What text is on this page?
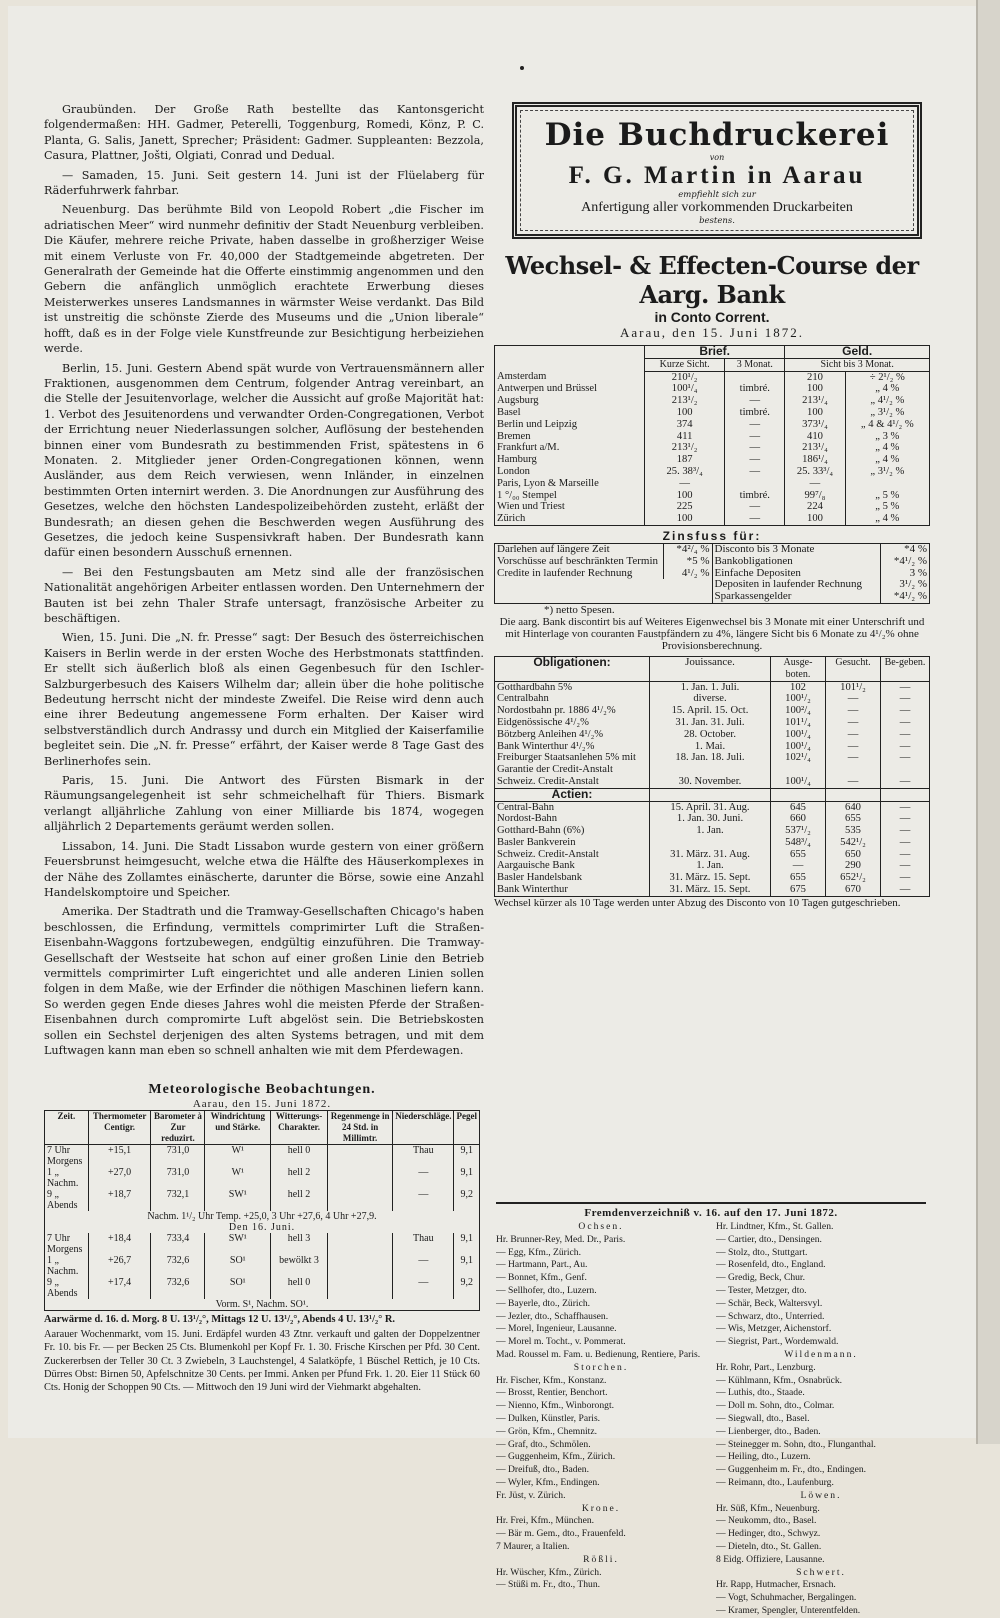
Graubünden. Der Große Rath bestellte das Kantonsgericht folgendermaßen: HH. Gadmer, Peterelli, Toggenburg, Romedi, Könz, P. C. Planta, G. Salis, Janett, Sprecher; Präsident: Gadmer. Suppleanten: Bezzola, Casura, Plattner, Jošti, Olgiati, Conrad und Dedual.

— Samaden, 15. Juni. Seit gestern 14. Juni ist der Flüelaberg für Räderfuhrwerk fahrbar.

Neuenburg. Das berühmte Bild von Leopold Robert „die Fischer im adriatischen Meer“ wird nunmehr definitiv der Stadt Neuenburg verbleiben. Die Käufer, mehrere reiche Private, haben dasselbe in großherziger Weise mit einem Verluste von Fr. 40,000 der Stadtgemeinde abgetreten. Der Generalrath der Gemeinde hat die Offerte einstimmig angenommen und den Gebern die anfänglich unmöglich erachtete Erwerbung dieses Meisterwerkes unseres Landsmannes in wärmster Weise verdankt. Das Bild ist unstreitig die schönste Zierde des Museums und die „Union liberale“ hofft, daß es in der Folge viele Kunstfreunde zur Besichtigung herbeiziehen werde.

Berlin, 15. Juni. Gestern Abend spät wurde von Vertrauensmännern aller Fraktionen, ausgenommen dem Centrum, folgender Antrag vereinbart, an die Stelle der Jesuitenvorlage, welcher die Aussicht auf große Majorität hat: 1. Verbot des Jesuitenordens und verwandter Orden-Congregationen, Verbot der Errichtung neuer Niederlassungen solcher, Auflösung der bestehenden binnen einer vom Bundesrath zu bestimmenden Frist, spätestens in 6 Monaten. 2. Mitglieder jener Orden-Congregationen können, wenn Ausländer, aus dem Reich verwiesen, wenn Inländer, in einzelnen bestimmten Orten internirt werden. 3. Die Anordnungen zur Ausführung des Gesetzes, welche den höchsten Landespolizeibehörden zusteht, erläßt der Bundesrath; an diesen gehen die Beschwerden wegen Ausführung des Gesetzes, die jedoch keine Suspensivkraft haben. Der Bundesrath kann dafür einen besondern Ausschuß ernennen.

— Bei den Festungsbauten am Metz sind alle der französischen Nationalität angehörigen Arbeiter entlassen worden. Den Unternehmern der Bauten ist bei zehn Thaler Strafe untersagt, französische Arbeiter zu beschäftigen.

Wien, 15. Juni. Die „N. fr. Presse“ sagt: Der Besuch des österreichischen Kaisers in Berlin werde in der ersten Woche des Herbstmonats stattfinden. Er stellt sich äußerlich bloß als einen Gegenbesuch für den Ischler-Salzburgerbesuch des Kaisers Wilhelm dar; allein über die hohe politische Bedeutung herrscht nicht der mindeste Zweifel. Die Reise wird denn auch eine ihrer Bedeutung angemessene Form erhalten. Der Kaiser wird selbstverständlich durch Andrassy und durch ein Mitglied der Kaiserfamilie begleitet sein. Die „N. fr. Presse“ erfährt, der Kaiser werde 8 Tage Gast des Berlinerhofes sein.

Paris, 15. Juni. Die Antwort des Fürsten Bismark in der Räumungsangelegenheit ist sehr schmeichelhaft für Thiers. Bismark verlangt alljährliche Zahlung von einer Milliarde bis 1874, wogegen alljährlich 2 Departements geräumt werden sollen.

Lissabon, 14. Juni. Die Stadt Lissabon wurde gestern von einer größern Feuersbrunst heimgesucht, welche etwa die Hälfte des Häuserkomplexes in der Nähe des Zollamtes einäscherte, darunter die Börse, sowie eine Anzahl Handelskomptoire und Speicher.

Amerika. Der Stadtrath und die Tramway-Gesellschaften Chicago's haben beschlossen, die Erfindung, vermittels comprimirter Luft die Straßen-Eisenbahn-Waggons fortzubewegen, endgültig einzuführen. Die Tramway-Gesellschaft der Westseite hat schon auf einer großen Linie den Betrieb vermittels comprimirter Luft eingerichtet und alle anderen Linien sollen folgen in dem Maße, wie der Erfinder die nöthigen Maschinen liefern kann. So werden gegen Ende dieses Jahres wohl die meisten Pferde der Straßen-Eisenbahnen durch compromirte Luft abgelöst sein. Die Betriebskosten sollen ein Sechstel derjenigen des alten Systems betragen, und mit dem Luftwagen kann man eben so schnell anhalten wie mit dem Pferdewagen.

Die Buchdruckerei
von
F. G. Martin in Aarau
empfiehlt sich zur
Anfertigung aller vorkommenden Druckarbeiten
bestens.
Wechsel- & Effecten-Course der Aarg. Bank
in Conto Corrent.
Aarau, den 15. Juni 1872.
	Brief.		Geld.	
	Kurze Sicht.	3 Monat.	Sicht bis 3 Monat.	
Amsterdam	210¹/₂		210	÷ 2¹/₂ %
Antwerpen und Brüssel	100¹/₄	timbré.	100	„ 4 %
Augsburg	213¹/₂	—	213¹/₄	„ 4¹/₂ %
Basel	100	timbré.	100	„ 3¹/₂ %
Berlin und Leipzig	374	—	373¹/₄	„ 4 & 4¹/₂ %
Bremen	411	—	410	„ 3 %
Frankfurt a/M.	213¹/₂	—	213¹/₄	„ 4 %
Hamburg	187	—	186¹/₄	„ 4 %
London	25. 38³/₄	—	25. 33³/₄	„ 3¹/₂ %
Paris, Lyon & Marseille	—		—	
1 °/₀₀ Stempel	100	timbré.	99⁷/₈	„ 5 %
Wien und Triest	225	—	224	„ 5 %
Zürich	100	—	100	„ 4 %
Zinsfuss für:
Darlehen auf längere Zeit	*4²/₄ %
Vorschüsse auf beschränkten Termin	*5 %
Credite in laufender Rechnung	4¹/₂ %

Disconto bis 3 Monate	*4 %
Bankobligationen	*4¹/₂ %
Einfache Depositen	3 %
Depositen in laufender Rechnung	3¹/₂ %
Sparkassengelder	*4¹/₂ %
*) netto Spesen.
Die aarg. Bank discontirt bis auf Weiteres Eigenwechsel bis 3 Monate mit einer Unterschrift und mit Hinterlage von couranten Faustpfändern zu 4%, längere Sicht bis 6 Monate zu 4¹/₂% ohne Provisionsberechnung.
Obligationen:	Jouissance.	Ausge-boten.	Gesucht.	Be-geben.
Gotthardbahn 5%	1. Jan. 1. Juli.	102	101¹/₂	—
Centralbahn	diverse.	100¹/₂	—	—
Nordostbahn pr. 1886 4¹/₂%	15. April. 15. Oct.	100²/₄	—	—
Eidgenössische 4¹/₂%	31. Jan. 31. Juli.	101¹/₄	—	—
Bötzberg Anleihen 4¹/₂%	28. October.	100¹/₄	—	—
Bank Winterthur 4¹/₂%	1. Mai.	100¹/₄	—	—
Freiburger Staatsanlehen 5% mit Garantie der Credit-Anstalt	18. Jan. 18. Juli.	102¹/₄	—	—
Schweiz. Credit-Anstalt	30. November.	100¹/₄	—	—
Actien:				
Central-Bahn	15. April. 31. Aug.	645	640	—
Nordost-Bahn	1. Jan. 30. Juni.	660	655	—
Gotthard-Bahn (6%)	1. Jan.	537¹/₂	535	—
Basler Bankverein		548³/₄	542¹/₂	—
Schweiz. Credit-Anstalt	31. März. 31. Aug.	655	650	—
Aargauische Bank	1. Jan.	—	290	—
Basler Handelsbank	31. März. 15. Sept.	655	652¹/₂	—
Bank Winterthur	31. März. 15. Sept.	675	670	—
Wechsel kürzer als 10 Tage werden unter Abzug des Disconto von 10 Tagen gutgeschrieben.
Meteorologische Beobachtungen.
Aarau, den 15. Juni 1872.
Zeit.	Thermometer Centigr.	Barometer à Zur reduzirt.	Windrichtung und Stärke.	Witterungs-Charakter.	Regenmenge in 24 Std. in Millimtr.	Niederschläge.	Pegel
7 Uhr Morgens	+15,1	731,0	W¹	hell 0		Thau	9,1
1 „ Nachm.	+27,0	731,0	W¹	hell 2		—	9,1
9 „ Abends	+18,7	732,1	SW¹	hell 2		—	9,2
Nachm. 1¹/₂ Uhr Temp. +25,0, 3 Uhr +27,6, 4 Uhr +27,9.							
Den 16. Juni.							
7 Uhr Morgens	+18,4	733,4	SW¹	hell 3		Thau	9,1
1 „ Nachm.	+26,7	732,6	SO¹	bewölkt 3		—	9,1
9 „ Abends	+17,4	732,6	SO¹	hell 0		—	9,2
Vorm. S¹, Nachm. SO¹.							

Aarwärme d. 16. d. Morg. 8 U. 13¹/₂°, Mittags 12 U. 13¹/₂°, Abends 4 U. 13¹/₂° R.

Aarauer Wochenmarkt, vom 15. Juni. Erdäpfel wurden 43 Ztnr. verkauft und galten der Doppelzentner Fr. 10. bis Fr. — per Becken 25 Cts. Blumenkohl per Kopf Fr. 1. 30. Frische Kirschen per Pfd. 30 Cent. Zuckererbsen der Teller 30 Ct. 3 Zwiebeln, 3 Lauchstengel, 4 Salatköpfe, 1 Büschel Rettich, je 10 Cts. Dürres Obst: Birnen 50, Apfelschnitze 30 Cents. per Immi. Anken per Pfund Frk. 1. 20. Eier 11 Stück 60 Cts. Honig der Schoppen 90 Cts. — Mittwoch den 19 Juni wird der Viehmarkt abgehalten.

Fremdenverzeichniß v. 16. auf den 17. Juni 1872.
Ochsen.
Hr. Brunner-Rey, Med. Dr., Paris.
— Egg, Kfm., Zürich.
— Hartmann, Part., Au.
— Bonnet, Kfm., Genf.
— Sellhofer, dto., Luzern.
— Bayerle, dto., Zürich.
— Jezler, dto., Schaffhausen.
— Morel, Ingenieur, Lausanne.
— Morel m. Tocht., v. Pommerat.
Mad. Roussel m. Fam. u. Bedienung, Rentiere, Paris.
Storchen.
Hr. Fischer, Kfm., Konstanz.
— Brosst, Rentier, Benchort.
— Nienno, Kfm., Winborongt.
— Dulken, Künstler, Paris.
— Grön, Kfm., Chemnitz.
— Graf, dto., Schmölen.
— Guggenheim, Kfm., Zürich.
— Dreifuß, dto., Baden.
— Wyler, Kfm., Endingen.
Fr. Jüst, v. Zürich.
Krone.
Hr. Frei, Kfm., München.
— Bär m. Gem., dto., Frauenfeld.
7 Maurer, a Italien.
Rößli.
Hr. Wüscher, Kfm., Zürich.
— Stüßi m. Fr., dto., Thun.
Hr. Lindtner, Kfm., St. Gallen.
— Cartier, dto., Densingen.
— Stolz, dto., Stuttgart.
— Rosenfeld, dto., England.
— Gredig, Beck, Chur.
— Tester, Metzger, dto.
— Schär, Beck, Waltersvyl.
— Schwarz, dto., Unterried.
— Wis, Metzger, Aichenstorf.
— Siegrist, Part., Wordemwald.
Wildenmann.
Hr. Rohr, Part., Lenzburg.
— Kühlmann, Kfm., Osnabrück.
— Luthis, dto., Staade.
— Doll m. Sohn, dto., Colmar.
— Siegwall, dto., Basel.
— Lienberger, dto., Baden.
— Steinegger m. Sohn, dto., Flunganthal.
— Heiling, dto., Luzern.
— Guggenheim m. Fr., dto., Endingen.
— Reimann, dto., Laufenburg.
Löwen.
Hr. Süß, Kfm., Neuenburg.
— Neukomm, dto., Basel.
— Hedinger, dto., Schwyz.
— Dieteln, dto., St. Gallen.
8 Eidg. Offiziere, Lausanne.
Schwert.
Hr. Rapp, Hutmacher, Ersnach.
— Vogt, Schuhmacher, Bergalingen.
— Kramer, Spengler, Unterentfelden.
